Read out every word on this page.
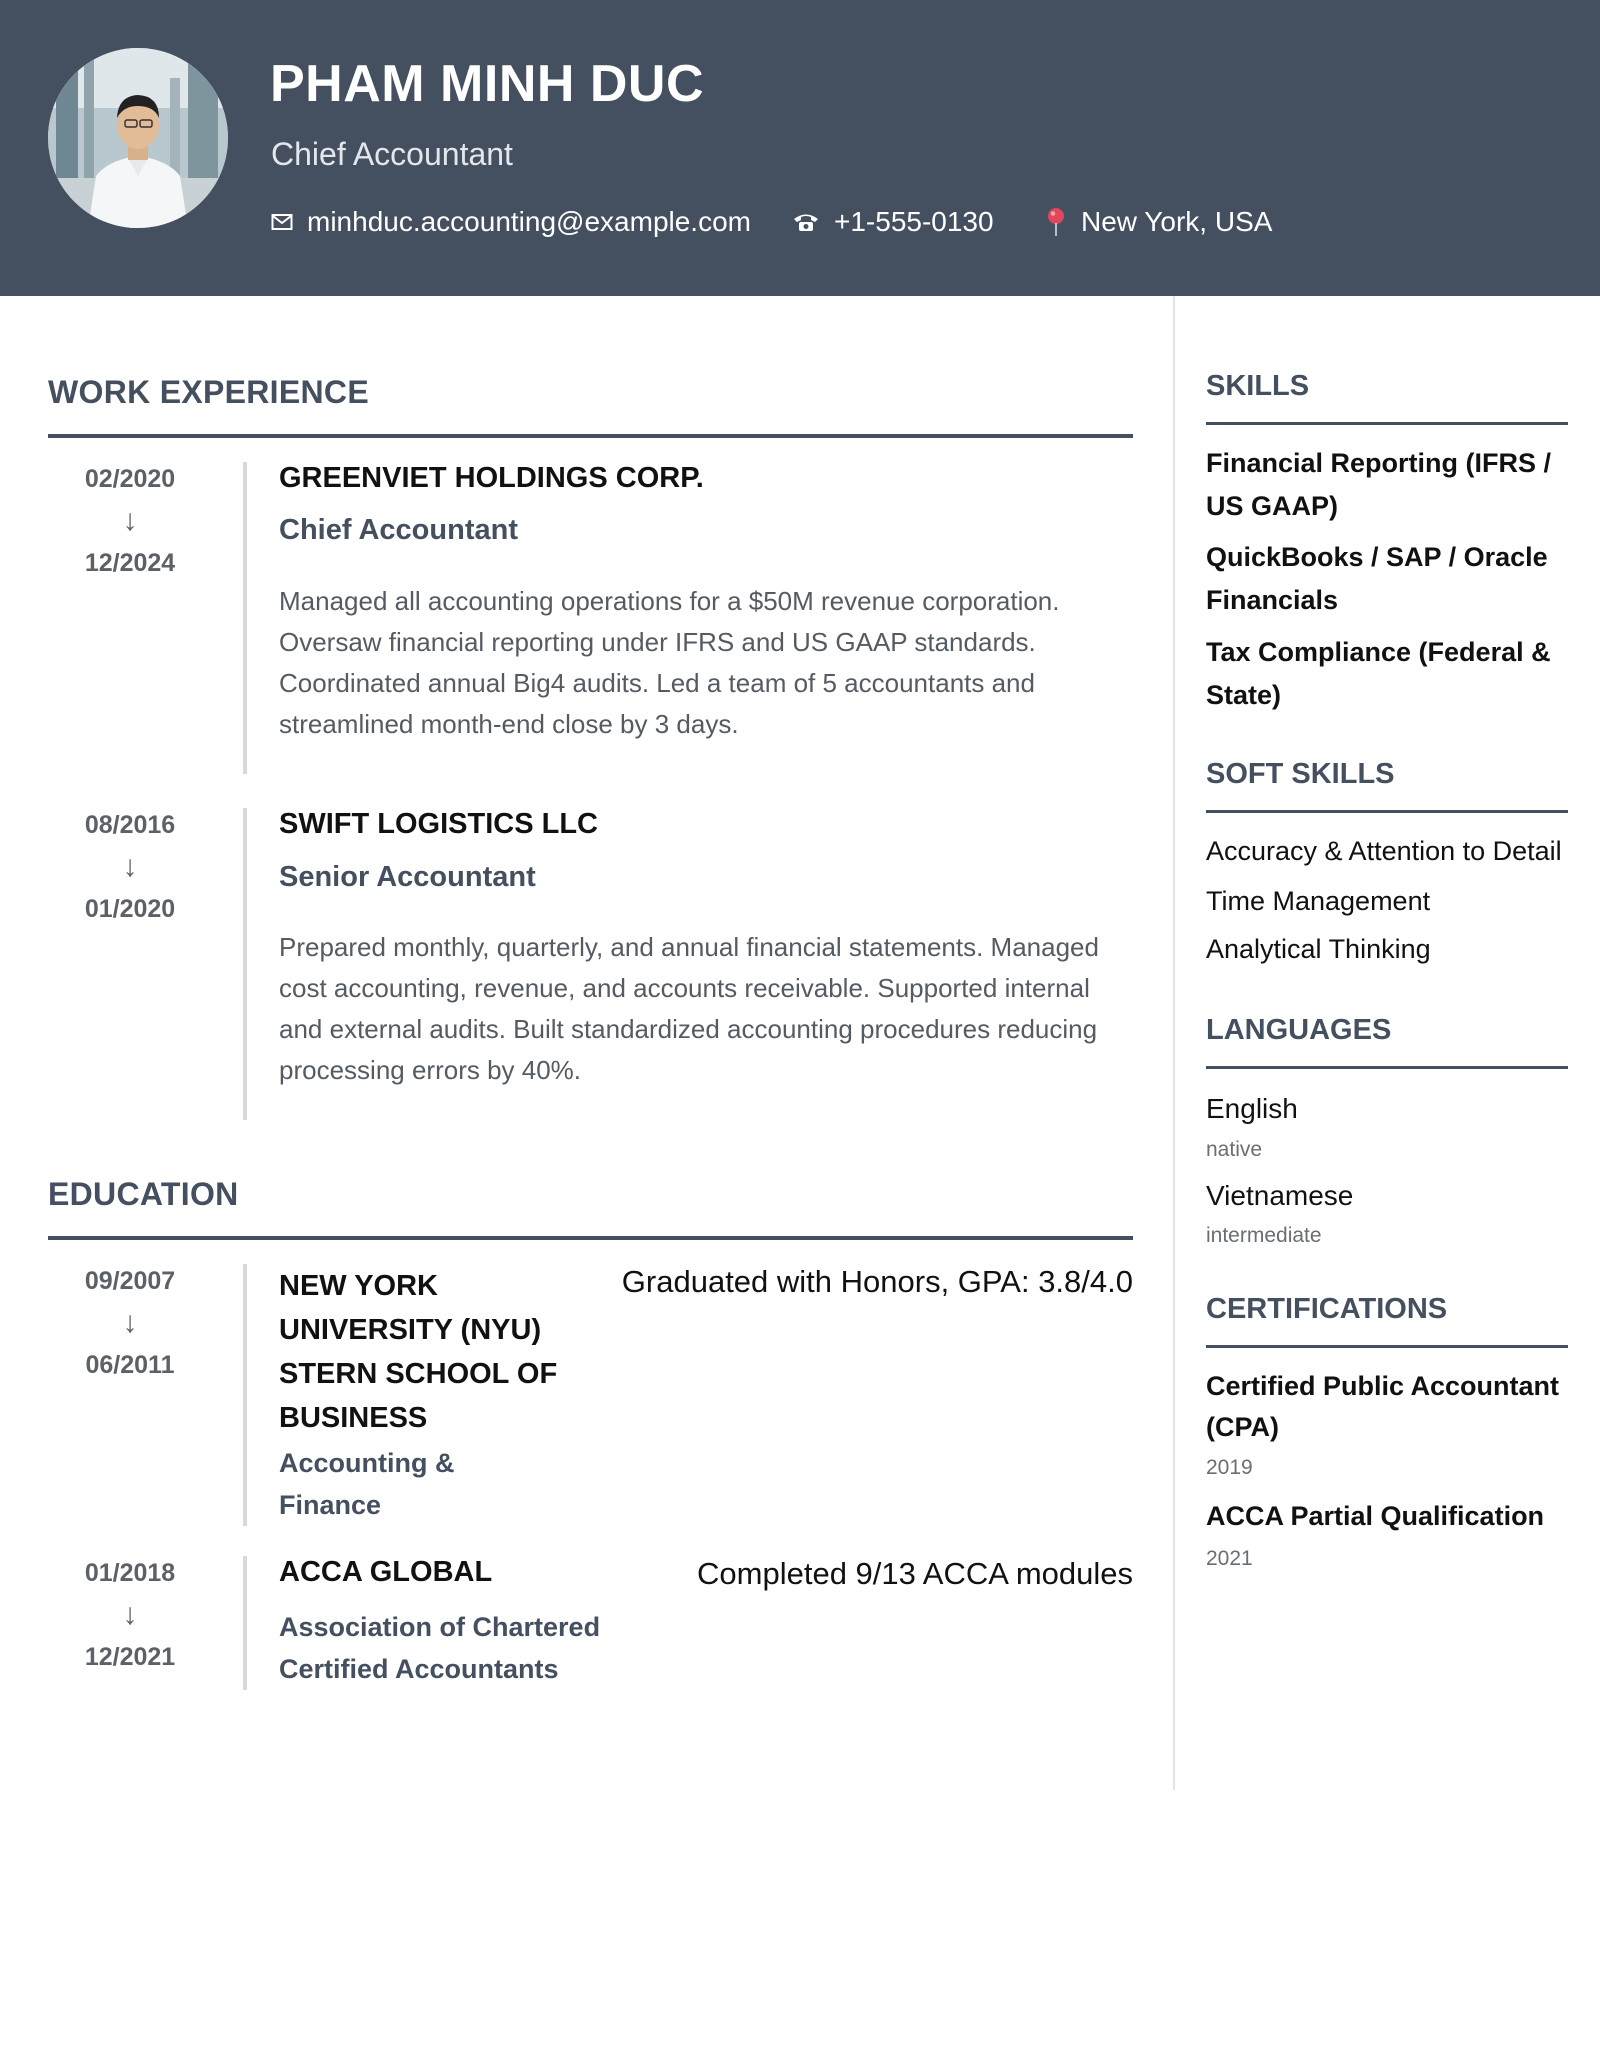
PHAM MINH DUC
Chief Accountant
minhduc.accounting@example.com	+1-555-0130	New York, USA
WORK EXPERIENCE
02/2020
↓
12/2024
GREENVIET HOLDINGS CORP.
Chief Accountant
Managed all accounting operations for a $50M revenue corporation. Oversaw financial reporting under IFRS and US GAAP standards. Coordinated annual Big4 audits. Led a team of 5 accountants and streamlined month-end close by 3 days.
08/2016
↓
01/2020
SWIFT LOGISTICS LLC
Senior Accountant
Prepared monthly, quarterly, and annual financial statements. Managed cost accounting, revenue, and accounts receivable. Supported internal and external audits. Built standardized accounting procedures reducing processing errors by 40%.
EDUCATION
09/2007
↓
06/2011
NEW YORK UNIVERSITY (NYU) STERN SCHOOL OF BUSINESS
Accounting & Finance
Graduated with Honors, GPA: 3.8/4.0
01/2018
↓
12/2021
ACCA GLOBAL
Association of Chartered Certified Accountants
Completed 9/13 ACCA modules
SKILLS
Financial Reporting (IFRS / US GAAP)
QuickBooks / SAP / Oracle Financials
Tax Compliance (Federal & State)
SOFT SKILLS
Accuracy & Attention to Detail
Time Management
Analytical Thinking
LANGUAGES
English
native
Vietnamese
intermediate
CERTIFICATIONS
Certified Public Accountant (CPA)
2019
ACCA Partial Qualification
2021
